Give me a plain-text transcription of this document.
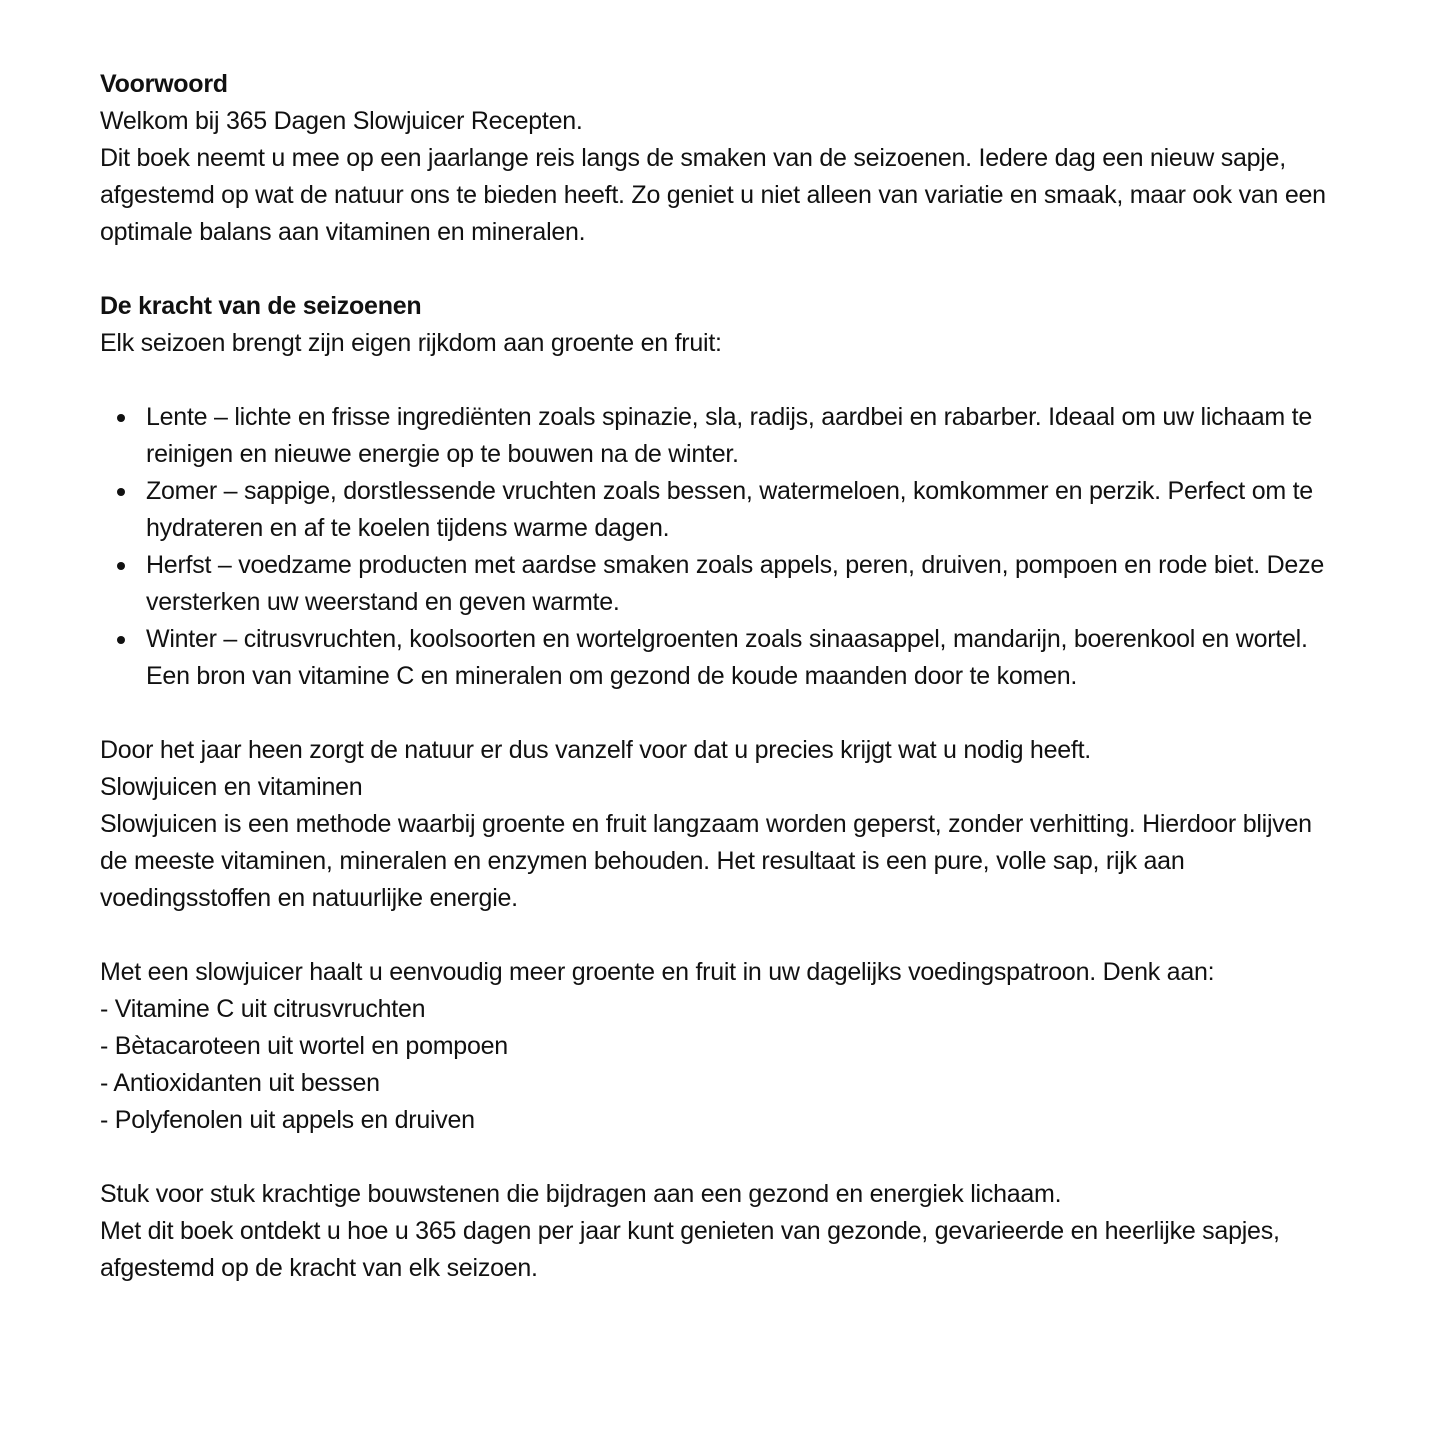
Voorwoord

Welkom bij 365 Dagen Slowjuicer Recepten.

Dit boek neemt u mee op een jaarlange reis langs de smaken van de seizoenen. Iedere dag een nieuw sapje, afgestemd op wat de natuur ons te bieden heeft. Zo geniet u niet alleen van variatie en smaak, maar ook van een optimale balans aan vitaminen en mineralen.

De kracht van de seizoenen

Elk seizoen brengt zijn eigen rijkdom aan groente en fruit:

Lente – lichte en frisse ingrediënten zoals spinazie, sla, radijs, aardbei en rabarber. Ideaal om uw lichaam te reinigen en nieuwe energie op te bouwen na de winter.
Zomer – sappige, dorstlessende vruchten zoals bessen, watermeloen, komkommer en perzik. Perfect om te hydrateren en af te koelen tijdens warme dagen.
Herfst – voedzame producten met aardse smaken zoals appels, peren, druiven, pompoen en rode biet. Deze versterken uw weerstand en geven warmte.
Winter – citrusvruchten, koolsoorten en wortelgroenten zoals sinaasappel, mandarijn, boerenkool en wortel. Een bron van vitamine C en mineralen om gezond de koude maanden door te komen.

Door het jaar heen zorgt de natuur er dus vanzelf voor dat u precies krijgt wat u nodig heeft.

Slowjuicen en vitaminen

Slowjuicen is een methode waarbij groente en fruit langzaam worden geperst, zonder verhitting. Hierdoor blijven de meeste vitaminen, mineralen en enzymen behouden. Het resultaat is een pure, volle sap, rijk aan voedingsstoffen en natuurlijke energie.

Met een slowjuicer haalt u eenvoudig meer groente en fruit in uw dagelijks voedingspatroon. Denk aan:

- Vitamine C uit citrusvruchten
- Bètacaroteen uit wortel en pompoen
- Antioxidanten uit bessen
- Polyfenolen uit appels en druiven

Stuk voor stuk krachtige bouwstenen die bijdragen aan een gezond en energiek lichaam.

Met dit boek ontdekt u hoe u 365 dagen per jaar kunt genieten van gezonde, gevarieerde en heerlijke sapjes, afgestemd op de kracht van elk seizoen.
